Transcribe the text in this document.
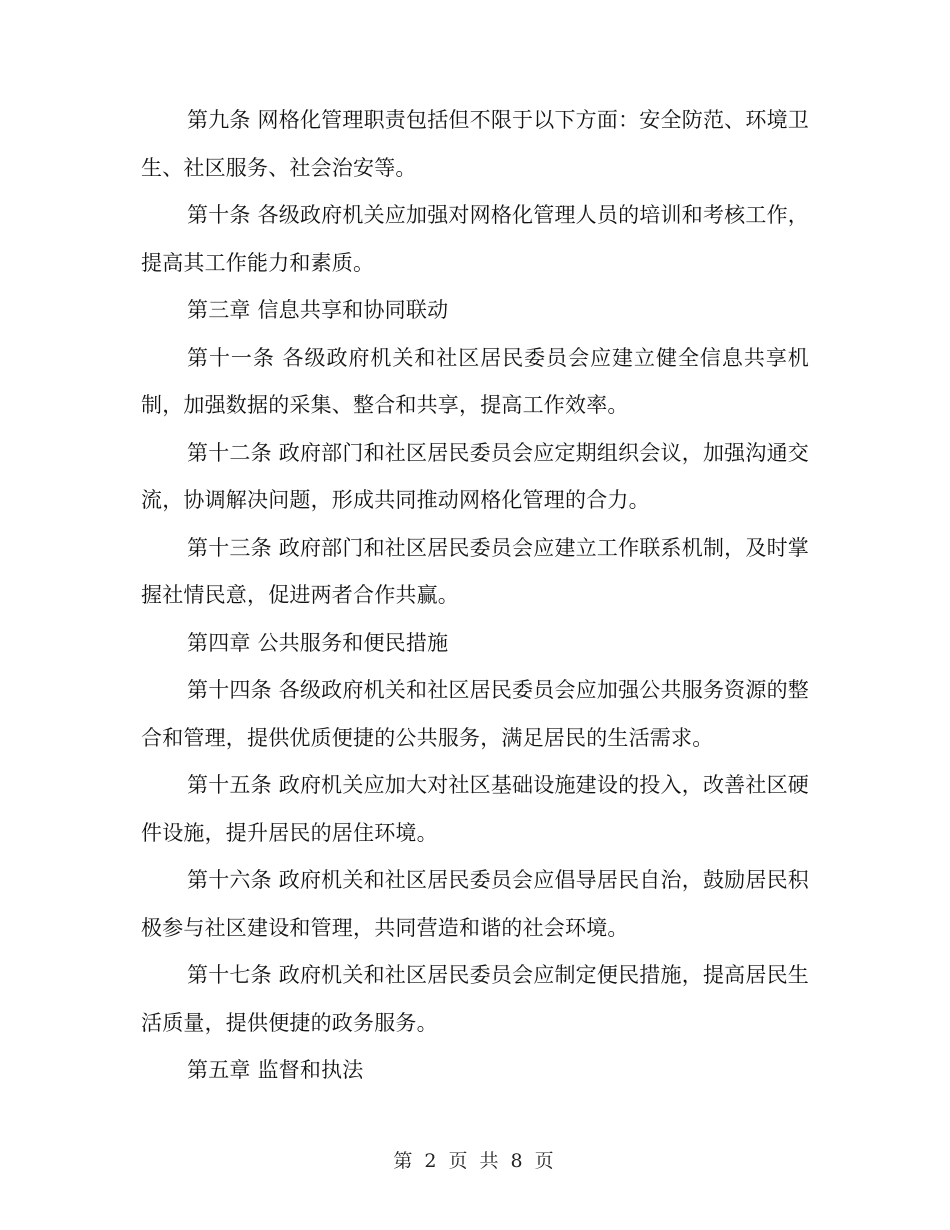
第九条 网格化管理职责包括但不限于以下方面：安全防范、环境卫生、社区服务、社会治安等。

第十条 各级政府机关应加强对网格化管理人员的培训和考核工作，提高其工作能力和素质。

第三章 信息共享和协同联动

第十一条 各级政府机关和社区居民委员会应建立健全信息共享机制，加强数据的采集、整合和共享，提高工作效率。

第十二条 政府部门和社区居民委员会应定期组织会议，加强沟通交流，协调解决问题，形成共同推动网格化管理的合力。

第十三条 政府部门和社区居民委员会应建立工作联系机制，及时掌握社情民意，促进两者合作共赢。

第四章 公共服务和便民措施

第十四条 各级政府机关和社区居民委员会应加强公共服务资源的整合和管理，提供优质便捷的公共服务，满足居民的生活需求。

第十五条 政府机关应加大对社区基础设施建设的投入，改善社区硬件设施，提升居民的居住环境。

第十六条 政府机关和社区居民委员会应倡导居民自治，鼓励居民积极参与社区建设和管理，共同营造和谐的社会环境。

第十七条 政府机关和社区居民委员会应制定便民措施，提高居民生活质量，提供便捷的政务服务。

第五章 监督和执法

第 2 页 共 8 页
